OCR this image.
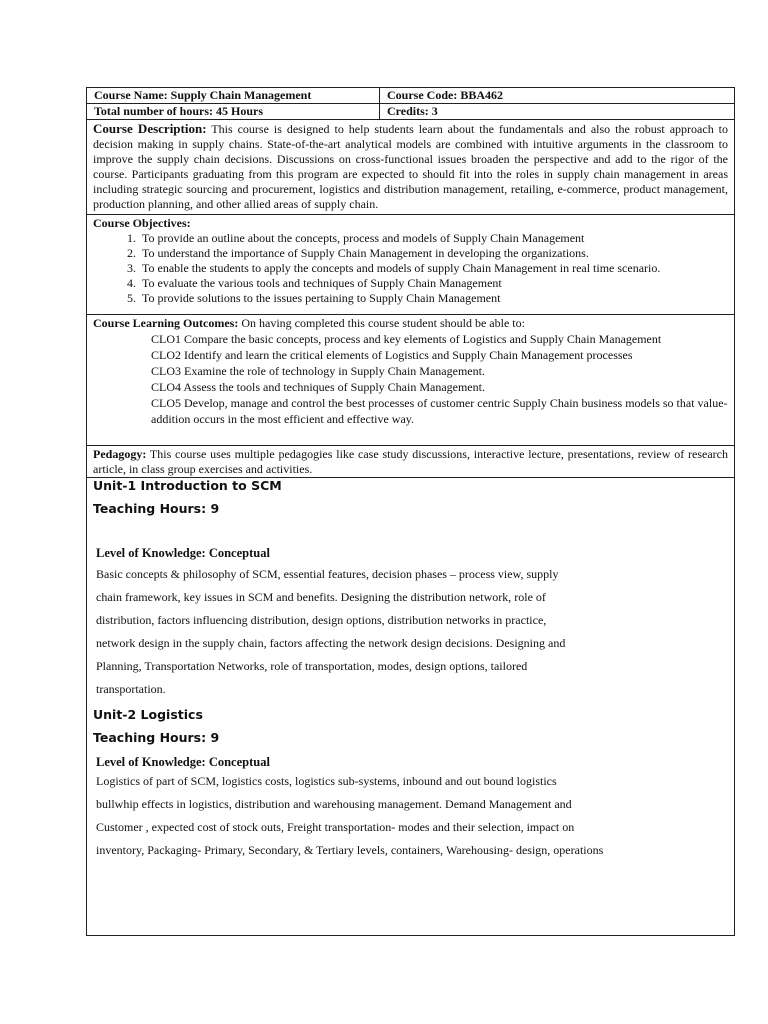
Course Name: Supply Chain Management	Course Code: BBA462
Total number of hours: 45 Hours	Credits: 3
Course Description: This course is designed to help students learn about the fundamentals and also the robust approach to decision making in supply chains. State-of-the-art analytical models are combined with intuitive arguments in the classroom to improve the supply chain decisions. Discussions on cross-functional issues broaden the perspective and add to the rigor of the course. Participants graduating from this program are expected to should fit into the roles in supply chain management in areas including strategic sourcing and procurement, logistics and distribution management, retailing, e-commerce, product management, production planning, and other allied areas of supply chain.
Course Objectives:
1. To provide an outline about the concepts, process and models of Supply Chain Management
2. To understand the importance of Supply Chain Management in developing the organizations.
3. To enable the students to apply the concepts and models of supply Chain Management in real time scenario.
4. To evaluate the various tools and techniques of Supply Chain Management
5. To provide solutions to the issues pertaining to Supply Chain Management
Course Learning Outcomes: On having completed this course student should be able to:
CLO1 Compare the basic concepts, process and key elements of Logistics and Supply Chain Management
CLO2 Identify and learn the critical elements of Logistics and Supply Chain Management processes
CLO3 Examine the role of technology in Supply Chain Management.
CLO4 Assess the tools and techniques of Supply Chain Management.
CLO5 Develop, manage and control the best processes of customer centric Supply Chain business models so that value-addition occurs in the most efficient and effective way.
Pedagogy: This course uses multiple pedagogies like case study discussions, interactive lecture, presentations, review of research article, in class group exercises and activities.
Unit-1 Introduction to SCM
Teaching Hours: 9
Level of Knowledge: Conceptual
Basic concepts & philosophy of SCM, essential features, decision phases – process view, supply
chain framework, key issues in SCM and benefits. Designing the distribution network, role of
distribution, factors influencing distribution, design options, distribution networks in practice,
network design in the supply chain, factors affecting the network design decisions. Designing and
Planning, Transportation Networks, role of transportation, modes, design options, tailored
transportation.
Unit-2 Logistics
Teaching Hours: 9
Level of Knowledge: Conceptual
Logistics of part of SCM, logistics costs, logistics sub-systems, inbound and out bound logistics
bullwhip effects in logistics, distribution and warehousing management. Demand Management and
Customer , expected cost of stock outs, Freight transportation- modes and their selection, impact on
inventory, Packaging- Primary, Secondary, & Tertiary levels, containers, Warehousing- design, operations
